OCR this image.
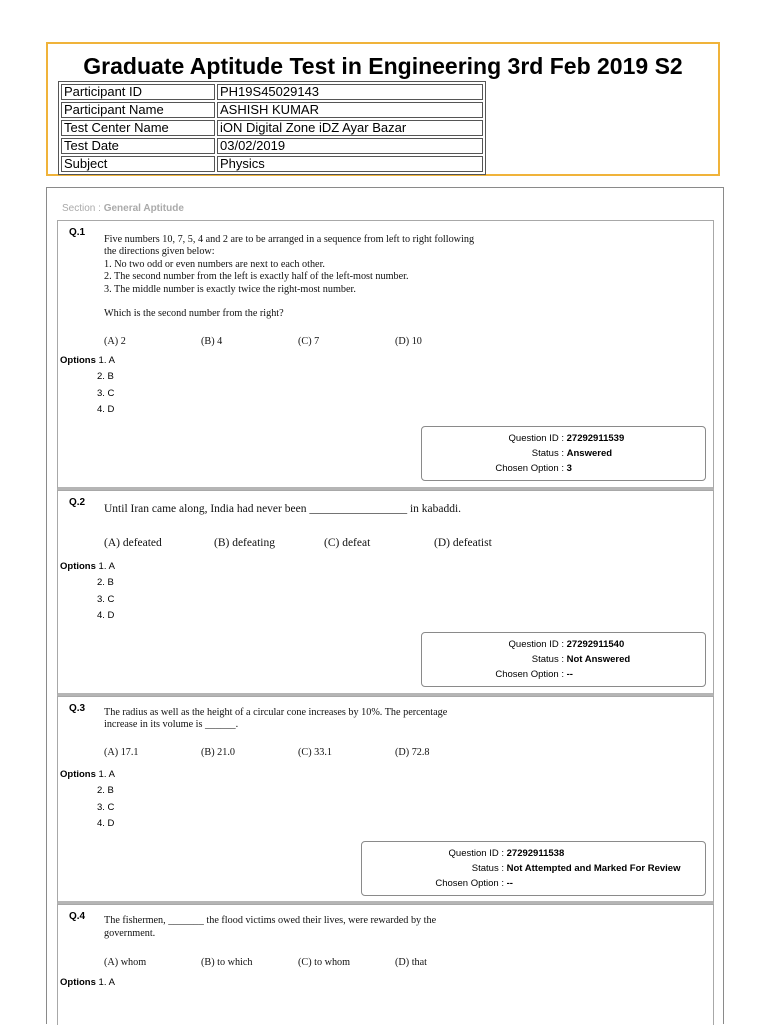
Graduate Aptitude Test in Engineering 3rd Feb 2019 S2
Participant ID	PH19S45029143
Participant Name	ASHISH KUMAR
Test Center Name	iON Digital Zone iDZ Ayar Bazar
Test Date	03/02/2019
Subject	Physics
Section : General Aptitude
Q.1
Five numbers 10, 7, 5, 4 and 2 are to be arranged in a sequence from left to right following
the directions given below:
1. No two odd or even numbers are next to each other.
2. The second number from the left is exactly half of the left-most number.
3. The middle number is exactly twice the right-most number.
Which is the second number from the right?
(A) 2	(B) 4	(C) 7	(D) 10
Options 1. A
2. B
3. C
4. D
Question ID : 27292911539
Status : Answered
Chosen Option : 3
Q.2
Until Iran came along, India had never been _________________ in kabaddi.
(A) defeated	(B) defeating	(C) defeat	(D) defeatist
Options 1. A
2. B
3. C
4. D
Question ID : 27292911540
Status : Not Answered
Chosen Option : --
Q.3 The radius as well as the height of a circular cone increases by 10%. The percentage
increase in its volume is ______.
(A) 17.1	(B) 21.0	(C) 33.1	(D) 72.8
Options 1. A
2. B
3. C
4. D
Question ID : 27292911538
Status : Not Attempted and Marked For Review
Chosen Option : --
Q.4 The fishermen, _______ the flood victims owed their lives, were rewarded by the
government.
(A) whom	(B) to which	(C) to whom	(D) that
Options 1. A
